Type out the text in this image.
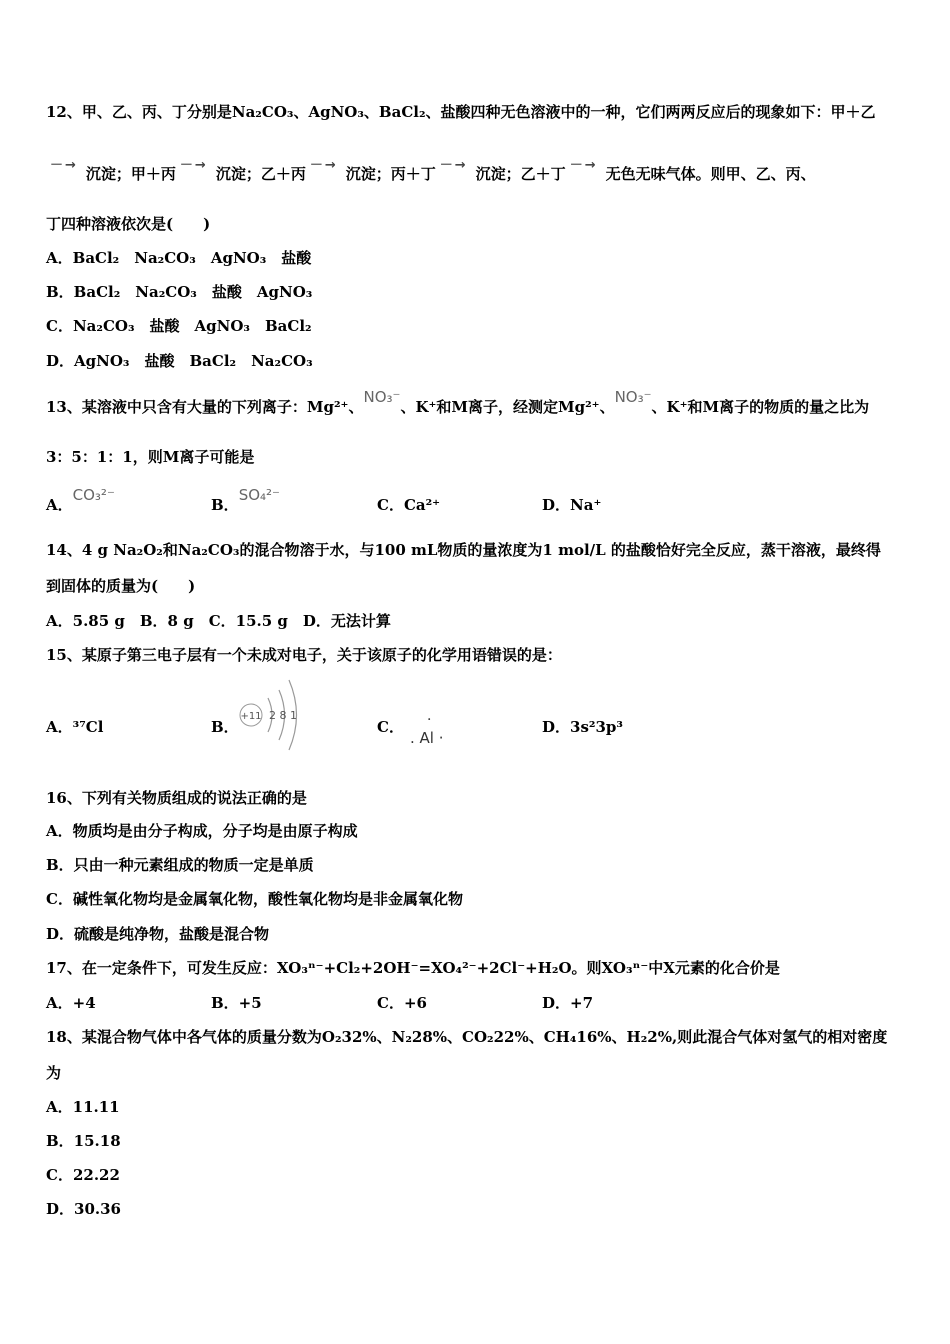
12、甲、乙、丙、丁分别是Na₂CO₃、AgNO₃、BaCl₂、盐酸四种无色溶液中的一种，它们两两反应后的现象如下：甲＋乙
－→ 沉淀；甲＋丙 －→ 沉淀；乙＋丙 －→ 沉淀；丙＋丁 －→ 沉淀；乙＋丁 －→ 无色无味气体。则甲、乙、丙、
丁四种溶液依次是(　　)
A．BaCl₂　Na₂CO₃　AgNO₃　盐酸
B．BaCl₂　Na₂CO₃　盐酸　AgNO₃
C．Na₂CO₃　盐酸　AgNO₃　BaCl₂
D．AgNO₃　盐酸　BaCl₂　Na₂CO₃
13、某溶液中只含有大量的下列离子：Mg²⁺、NO₃⁻、K⁺和M离子，经测定Mg²⁺、NO₃⁻、K⁺和M离子的物质的量之比为
3：5：1：1，则M离子可能是
A．CO₃²⁻
B．SO₄²⁻
C．Ca²⁺	D．Na⁺
14、4 g Na₂O₂和Na₂CO₃的混合物溶于水，与100 mL物质的量浓度为1 mol/L 的盐酸恰好完全反应，蒸干溶液，最终得
到固体的质量为(　　)
A．5.85 g　B．8 g　C．15.5 g　D．无法计算
15、某原子第三电子层有一个未成对电子，关于该原子的化学用语错误的是：
A．³⁷Cl	B．
+11 2 8 1
C．
. Al ·
·	D．3s²3p³
16、下列有关物质组成的说法正确的是
A．物质均是由分子构成，分子均是由原子构成
B．只由一种元素组成的物质一定是单质
C．碱性氧化物均是金属氧化物，酸性氧化物均是非金属氧化物
D．硫酸是纯净物，盐酸是混合物
17、在一定条件下，可发生反应：XO₃ⁿ⁻+Cl₂+2OH⁻=XO₄²⁻+2Cl⁻+H₂O。则XO₃ⁿ⁻中X元素的化合价是
A．+4	B．+5	C．+6	D．+7
18、某混合物气体中各气体的质量分数为O₂32%、N₂28%、CO₂22%、CH₄16%、H₂2%,则此混合气体对氢气的相对密度
为
A．11.11
B．15.18
C．22.22
D．30.36
